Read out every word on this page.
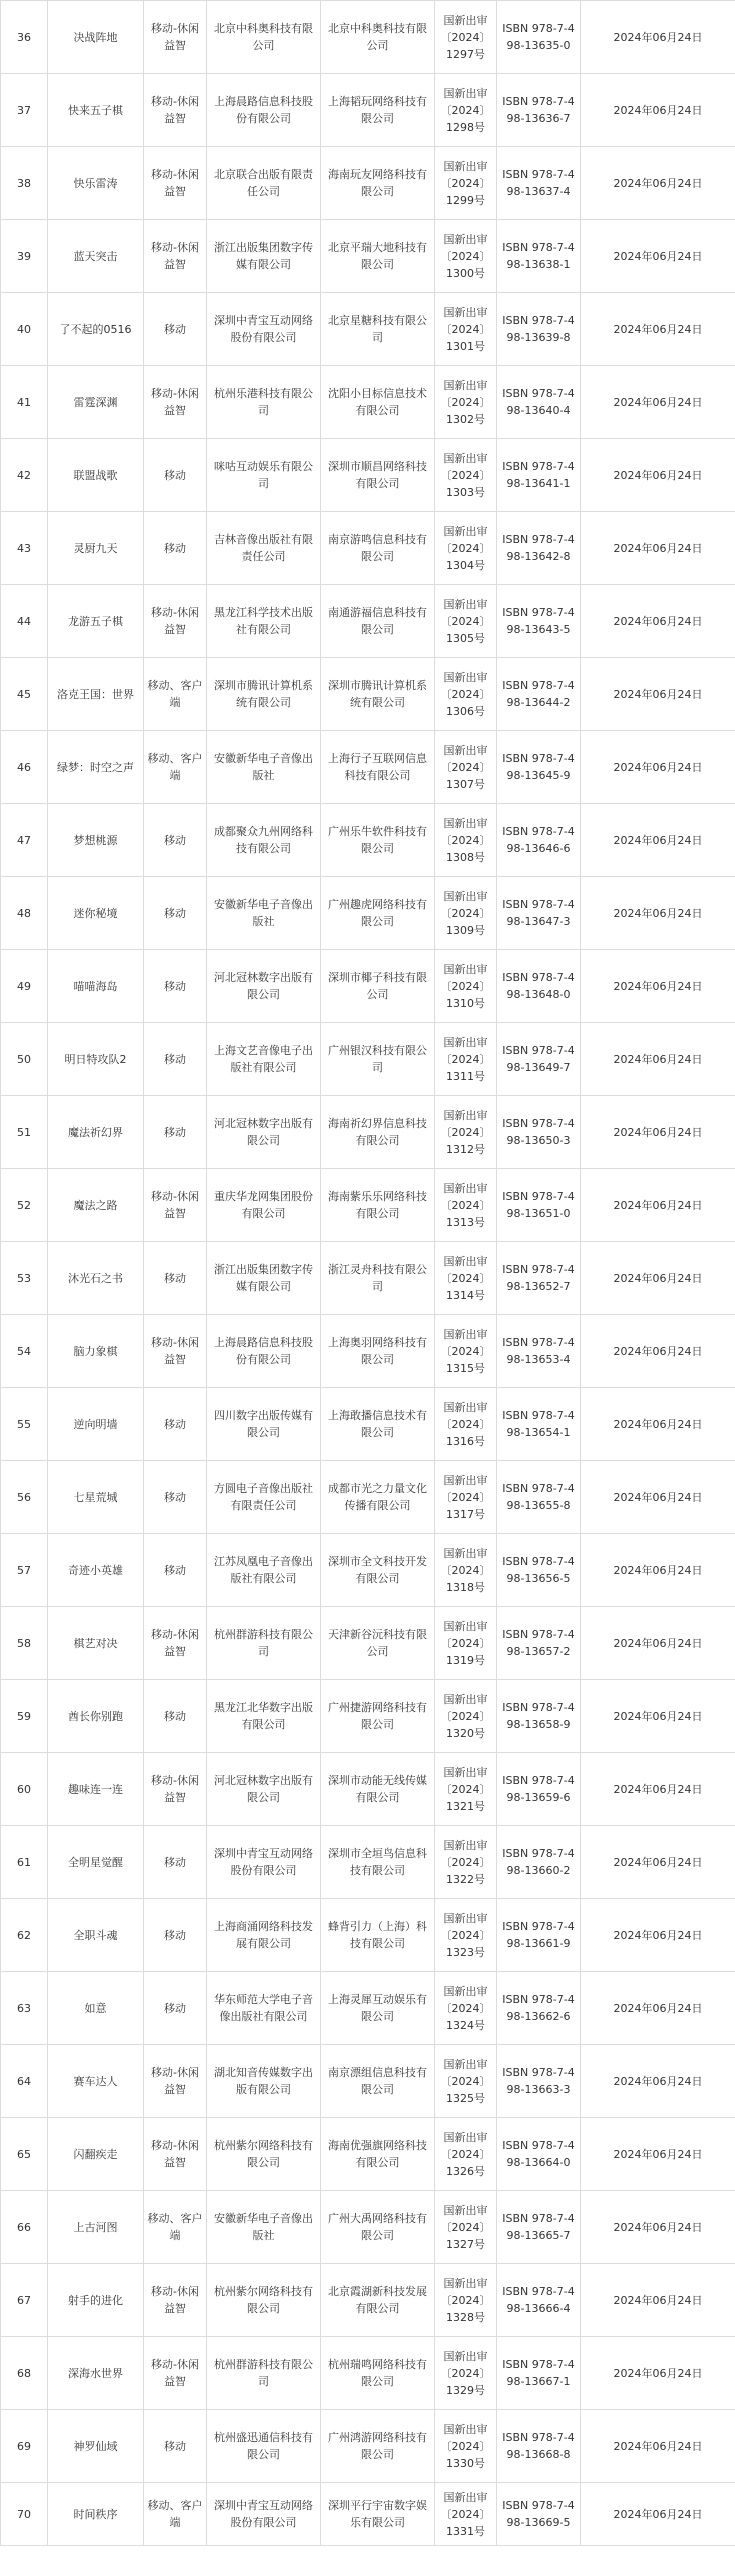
36	决战阵地	移动-休闲益智	北京中科奥科技有限公司	北京中科奥科技有限公司	国新出审〔2024〕1297号	ISBN 978-7-498-13635-0	2024年06月24日
37	快来五子棋	移动-休闲益智	上海晨路信息科技股份有限公司	上海韬玩网络科技有限公司	国新出审〔2024〕1298号	ISBN 978-7-498-13636-7	2024年06月24日
38	快乐雷涛	移动-休闲益智	北京联合出版有限责任公司	海南玩友网络科技有限公司	国新出审〔2024〕1299号	ISBN 978-7-498-13637-4	2024年06月24日
39	蓝天突击	移动-休闲益智	浙江出版集团数字传媒有限公司	北京平瑞大地科技有限公司	国新出审〔2024〕1300号	ISBN 978-7-498-13638-1	2024年06月24日
40	了不起的0516	移动	深圳中青宝互动网络股份有限公司	北京星糖科技有限公司	国新出审〔2024〕1301号	ISBN 978-7-498-13639-8	2024年06月24日
41	雷霆深渊	移动-休闲益智	杭州乐港科技有限公司	沈阳小目标信息技术有限公司	国新出审〔2024〕1302号	ISBN 978-7-498-13640-4	2024年06月24日
42	联盟战歌	移动	咪咕互动娱乐有限公司	深圳市顺昌网络科技有限公司	国新出审〔2024〕1303号	ISBN 978-7-498-13641-1	2024年06月24日
43	灵厨九天	移动	吉林音像出版社有限责任公司	南京游鸣信息科技有限公司	国新出审〔2024〕1304号	ISBN 978-7-498-13642-8	2024年06月24日
44	龙游五子棋	移动-休闲益智	黑龙江科学技术出版社有限公司	南通游福信息科技有限公司	国新出审〔2024〕1305号	ISBN 978-7-498-13643-5	2024年06月24日
45	洛克王国：世界	移动、客户端	深圳市腾讯计算机系统有限公司	深圳市腾讯计算机系统有限公司	国新出审〔2024〕1306号	ISBN 978-7-498-13644-2	2024年06月24日
46	绿梦：时空之声	移动、客户端	安徽新华电子音像出版社	上海行子互联网信息科技有限公司	国新出审〔2024〕1307号	ISBN 978-7-498-13645-9	2024年06月24日
47	梦想桃源	移动	成都聚众九州网络科技有限公司	广州乐牛软件科技有限公司	国新出审〔2024〕1308号	ISBN 978-7-498-13646-6	2024年06月24日
48	迷你秘境	移动	安徽新华电子音像出版社	广州趣虎网络科技有限公司	国新出审〔2024〕1309号	ISBN 978-7-498-13647-3	2024年06月24日
49	喵喵海岛	移动	河北冠林数字出版有限公司	深圳市椰子科技有限公司	国新出审〔2024〕1310号	ISBN 978-7-498-13648-0	2024年06月24日
50	明日特攻队2	移动	上海文艺音像电子出版社有限公司	广州银汉科技有限公司	国新出审〔2024〕1311号	ISBN 978-7-498-13649-7	2024年06月24日
51	魔法祈幻界	移动	河北冠林数字出版有限公司	海南祈幻界信息科技有限公司	国新出审〔2024〕1312号	ISBN 978-7-498-13650-3	2024年06月24日
52	魔法之路	移动-休闲益智	重庆华龙网集团股份有限公司	海南紫乐乐网络科技有限公司	国新出审〔2024〕1313号	ISBN 978-7-498-13651-0	2024年06月24日
53	沐光石之书	移动	浙江出版集团数字传媒有限公司	浙江灵舟科技有限公司	国新出审〔2024〕1314号	ISBN 978-7-498-13652-7	2024年06月24日
54	脑力象棋	移动-休闲益智	上海晨路信息科技股份有限公司	上海奥羽网络科技有限公司	国新出审〔2024〕1315号	ISBN 978-7-498-13653-4	2024年06月24日
55	逆向明墙	移动	四川数字出版传媒有限公司	上海敢播信息技术有限公司	国新出审〔2024〕1316号	ISBN 978-7-498-13654-1	2024年06月24日
56	七星荒城	移动	方圆电子音像出版社有限责任公司	成都市光之力量文化传播有限公司	国新出审〔2024〕1317号	ISBN 978-7-498-13655-8	2024年06月24日
57	奇迹小英雄	移动	江苏凤凰电子音像出版社有限公司	深圳市全文科技开发有限公司	国新出审〔2024〕1318号	ISBN 978-7-498-13656-5	2024年06月24日
58	棋艺对决	移动-休闲益智	杭州群游科技有限公司	天津新谷沅科技有限公司	国新出审〔2024〕1319号	ISBN 978-7-498-13657-2	2024年06月24日
59	酋长你别跑	移动	黑龙江北华数字出版有限公司	广州捷游网络科技有限公司	国新出审〔2024〕1320号	ISBN 978-7-498-13658-9	2024年06月24日
60	趣味连一连	移动-休闲益智	河北冠林数字出版有限公司	深圳市动能无线传媒有限公司	国新出审〔2024〕1321号	ISBN 978-7-498-13659-6	2024年06月24日
61	全明星觉醒	移动	深圳中青宝互动网络股份有限公司	深圳市全垣鸟信息科技有限公司	国新出审〔2024〕1322号	ISBN 978-7-498-13660-2	2024年06月24日
62	全职斗魂	移动	上海商涌网络科技发展有限公司	蜂背引力（上海）科技有限公司	国新出审〔2024〕1323号	ISBN 978-7-498-13661-9	2024年06月24日
63	如意	移动	华东师范大学电子音像出版社有限公司	上海灵犀互动娱乐有限公司	国新出审〔2024〕1324号	ISBN 978-7-498-13662-6	2024年06月24日
64	赛车达人	移动-休闲益智	湖北知音传媒数字出版有限公司	南京漂组信息科技有限公司	国新出审〔2024〕1325号	ISBN 978-7-498-13663-3	2024年06月24日
65	闪翻疾走	移动-休闲益智	杭州紫尔网络科技有限公司	海南优强旗网络科技有限公司	国新出审〔2024〕1326号	ISBN 978-7-498-13664-0	2024年06月24日
66	上古河图	移动、客户端	安徽新华电子音像出版社	广州大禹网络科技有限公司	国新出审〔2024〕1327号	ISBN 978-7-498-13665-7	2024年06月24日
67	射手的进化	移动-休闲益智	杭州紫尔网络科技有限公司	北京霞湖新科技发展有限公司	国新出审〔2024〕1328号	ISBN 978-7-498-13666-4	2024年06月24日
68	深海水世界	移动-休闲益智	杭州群游科技有限公司	杭州瑞鸣网络科技有限公司	国新出审〔2024〕1329号	ISBN 978-7-498-13667-1	2024年06月24日
69	神罗仙域	移动	杭州盛迅通信科技有限公司	广州鸿游网络科技有限公司	国新出审〔2024〕1330号	ISBN 978-7-498-13668-8	2024年06月24日
70	时间秩序	移动、客户端	深圳中青宝互动网络股份有限公司	深圳平行宇宙数字娱乐有限公司	国新出审〔2024〕1331号	ISBN 978-7-498-13669-5	2024年06月24日
